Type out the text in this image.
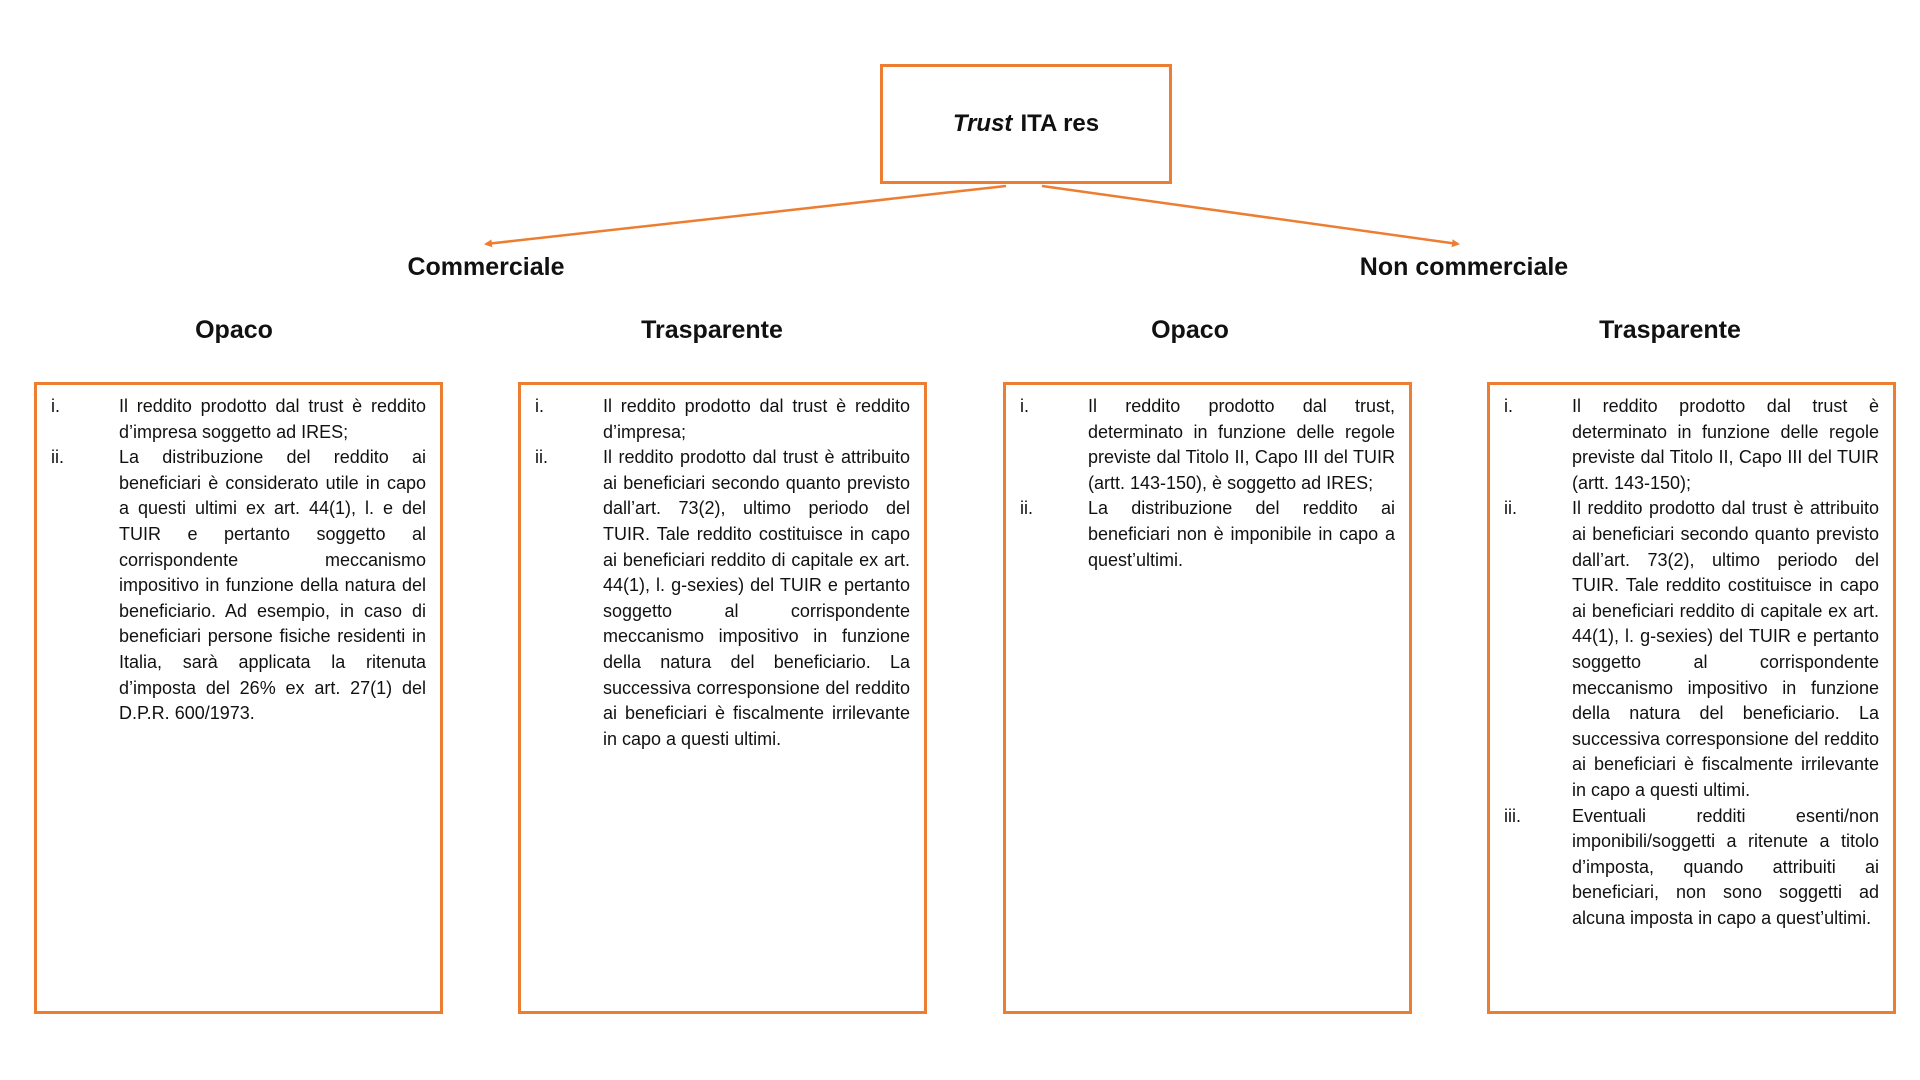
Trust ITA res
Commerciale	Non commerciale
Opaco	Trasparente	Opaco	Trasparente
i.	Il reddito prodotto dal trust è reddito d’impresa soggetto ad IRES;
ii.	La distribuzione del reddito ai beneficiari è considerato utile in capo a questi ultimi ex art. 44(1), l. e del TUIR e pertanto soggetto al corrispondente meccanismo impositivo in funzione della natura del beneficiario. Ad esempio, in caso di beneficiari persone fisiche residenti in Italia, sarà applicata la ritenuta d’imposta del 26% ex art. 27(1) del D.P.R. 600/1973.
i.	Il reddito prodotto dal trust è reddito d’impresa;
ii.	Il reddito prodotto dal trust è attribuito ai beneficiari secondo quanto previsto dall’art. 73(2), ultimo periodo del TUIR. Tale reddito costituisce in capo ai beneficiari reddito di capitale ex art. 44(1), l. g-sexies) del TUIR e pertanto soggetto al corrispondente meccanismo impositivo in funzione della natura del beneficiario. La successiva corresponsione del reddito ai beneficiari è fiscalmente irrilevante in capo a questi ultimi.
i.	Il reddito prodotto dal trust, determinato in funzione delle regole previste dal Titolo II, Capo III del TUIR (artt. 143-150), è soggetto ad IRES;
ii.	La distribuzione del reddito ai beneficiari non è imponibile in capo a quest’ultimi.
i.	Il reddito prodotto dal trust è determinato in funzione delle regole previste dal Titolo II, Capo III del TUIR (artt. 143-150);
ii.	Il reddito prodotto dal trust è attribuito ai beneficiari secondo quanto previsto dall’art. 73(2), ultimo periodo del TUIR. Tale reddito costituisce in capo ai beneficiari reddito di capitale ex art. 44(1), l. g-sexies) del TUIR e pertanto soggetto al corrispondente meccanismo impositivo in funzione della natura del beneficiario. La successiva corresponsione del reddito ai beneficiari è fiscalmente irrilevante in capo a questi ultimi.
iii.	Eventuali redditi esenti/non imponibili/soggetti a ritenute a titolo d’imposta, quando attribuiti ai beneficiari, non sono soggetti ad alcuna imposta in capo a quest’ultimi.
